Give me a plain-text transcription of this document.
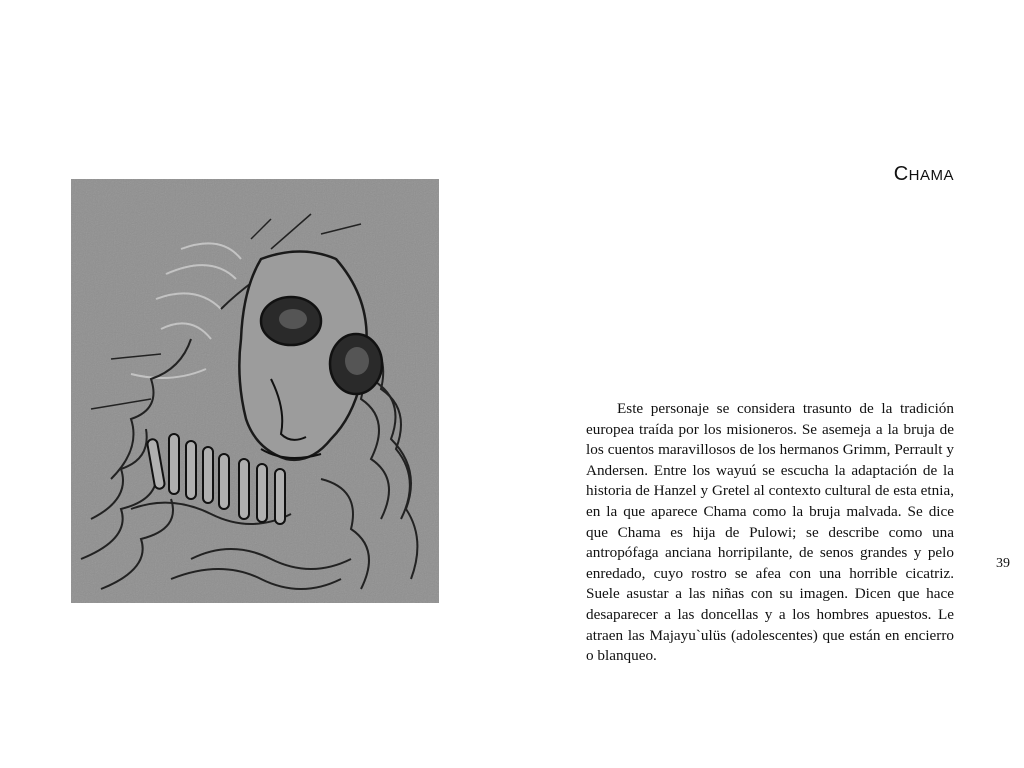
CHAMA

Este personaje se considera trasunto de la tradición europea traída por los misioneros. Se asemeja a la bruja de los cuentos maravillosos de los hermanos Grimm, Perrault y Andersen. Entre los wayuú se escucha la adaptación de la historia de Hanzel y Gretel al contexto cultural de esta etnia, en la que aparece Chama como la bruja malvada. Se dice que Chama es hija de Pulowi; se describe como una antropófaga anciana horripilante, de senos grandes y pelo enredado, cuyo rostro se afea con una horrible cicatriz. Suele asustar a las niñas con su imagen. Dicen que hace desaparecer a las doncellas y a los hombres apuestos. Le atraen las Majayu`ulüs (adolescentes) que están en encierro o blanqueo.

39
